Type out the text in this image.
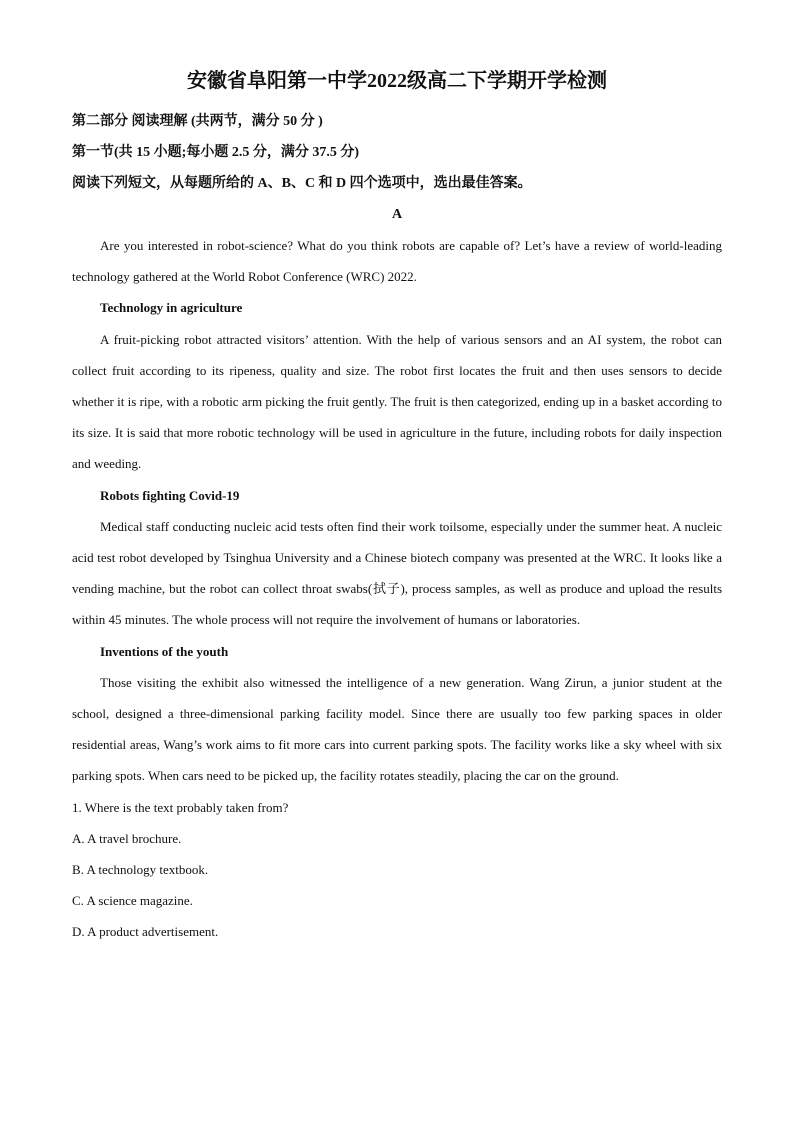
安徽省阜阳第一中学2022级高二下学期开学检测

第二部分 阅读理解 (共两节，满分 50 分 )

第一节(共 15 小题;每小题 2.5 分，满分 37.5 分)

阅读下列短文，从每题所给的 A、B、C 和 D 四个选项中，选出最佳答案。

A

Are you interested in robot-science? What do you think robots are capable of? Let’s have a review of world-leading technology gathered at the World Robot Conference (WRC) 2022.

Technology in agriculture

A fruit-picking robot attracted visitors’ attention. With the help of various sensors and an AI system, the robot can collect fruit according to its ripeness, quality and size. The robot first locates the fruit and then uses sensors to decide whether it is ripe, with a robotic arm picking the fruit gently. The fruit is then categorized, ending up in a basket according to its size. It is said that more robotic technology will be used in agriculture in the future, including robots for daily inspection and weeding.

Robots fighting Covid-19

Medical staff conducting nucleic acid tests often find their work toilsome, especially under the summer heat. A nucleic acid test robot developed by Tsinghua University and a Chinese biotech company was presented at the WRC. It looks like a vending machine, but the robot can collect throat swabs(拭子), process samples, as well as produce and upload the results within 45 minutes. The whole process will not require the involvement of humans or laboratories.

Inventions of the youth

Those visiting the exhibit also witnessed the intelligence of a new generation. Wang Zirun, a junior student at the school, designed a three-dimensional parking facility model. Since there are usually too few parking spaces in older residential areas, Wang’s work aims to fit more cars into current parking spots. The facility works like a sky wheel with six parking spots. When cars need to be picked up, the facility rotates steadily, placing the car on the ground.

1. Where is the text probably taken from?

A. A travel brochure.

B. A technology textbook.

C. A science magazine.

D. A product advertisement.
